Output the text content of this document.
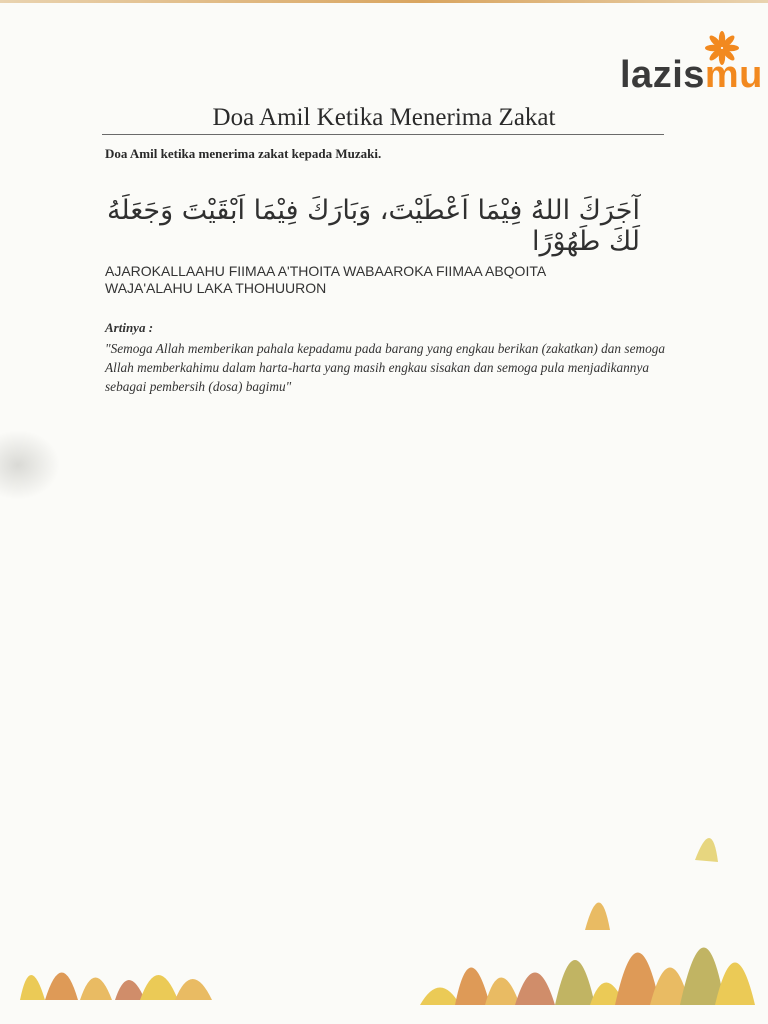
lazismu
Doa Amil Ketika Menerima Zakat
Doa Amil ketika menerima zakat kepada Muzaki.
آجَرَكَ اللهُ فِيْمَا اَعْطَيْتَ، وَبَارَكَ فِيْمَا اَبْقَيْتَ وَجَعَلَهُ لَكَ طَهُوْرًا
AJAROKALLAAHU FIIMAA A'THOITA WABAAROKA FIIMAA ABQOITA WAJA'ALAHU LAKA THOHUURON
Artinya :
"Semoga Allah memberikan pahala kepadamu pada barang yang engkau berikan (zakatkan) dan semoga Allah memberkahimu dalam harta-harta yang masih engkau sisakan dan semoga pula menjadikannya sebagai pembersih (dosa) bagimu"
